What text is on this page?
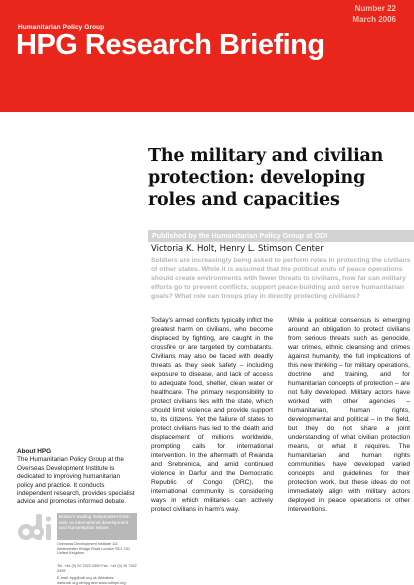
Number 22
March 2006
Humanitarian Policy Group
HPG Research Briefing
The military and civilian protection: developing roles and capacities
Published by the Humanitarian Policy Group at ODI
Victoria K. Holt, Henry L. Stimson Center
Soldiers are increasingly being asked to perform roles in protecting the civilians of other states. While it is assumed that the political ends of peace operations should create environments with fewer threats to civilians, how far can military efforts go to prevent conflicts, support peace-building and serve humanitarian goals? What role can troops play in directly protecting civilians?
Today's armed conflicts typically inflict the greatest harm on civilians, who become displaced by fighting, are caught in the crossfire or are targeted by combatants. Civilians may also be faced with deadly threats as they seek safety – including exposure to disease, and lack of access to adequate food, shelter, clean water or healthcare. The primary responsibility to protect civilians lies with the state, which should limit violence and provide support to, its citizens. Yet the failure of states to protect civilians has led to the death and displacement of millions worldwide, prompting calls for international intervention. In the aftermath of Rwanda and Srebrenica, and amid continued violence in Darfur and the Democratic Republic of Congo (DRC), the international community is considering ways in which militaries can actively protect civilians in harm's way.
While a political consensus is emerging around an obligation to protect civilians from serious threats such as genocide, war crimes, ethnic cleansing and crimes against humanity, the full implications of this new thinking – for military operations, doctrine and training, and for humanitarian concepts of protection – are not fully developed. Military actors have worked with other agencies – humanitarian, human rights, developmental and political – in the field, but they do not share a joint understanding of what civilian protection means, or what it requires. The humanitarian and human rights communities have developed varied concepts and guidelines for their protection work, but these ideas do not immediately align with military actors deployed in peace operations or other interventions.
About HPG
The Humanitarian Policy Group at the Overseas Development Institute is dedicated to improving humanitarian policy and practice. It conducts independent research, provides specialist advice and promotes informed debate.
Britain's leading independent think-tank on international development and humanitarian issues
Overseas Development Institute 111 Westminster Bridge Road London SE1 7JD United Kingdom
Tel. +44 (0) 20 7922 0300 Fax. +44 (0) 20 7922 0399
E-mail: hpg@odi.org.uk Websites: www.odi.org.uk/hpg and www.odihpn.org
